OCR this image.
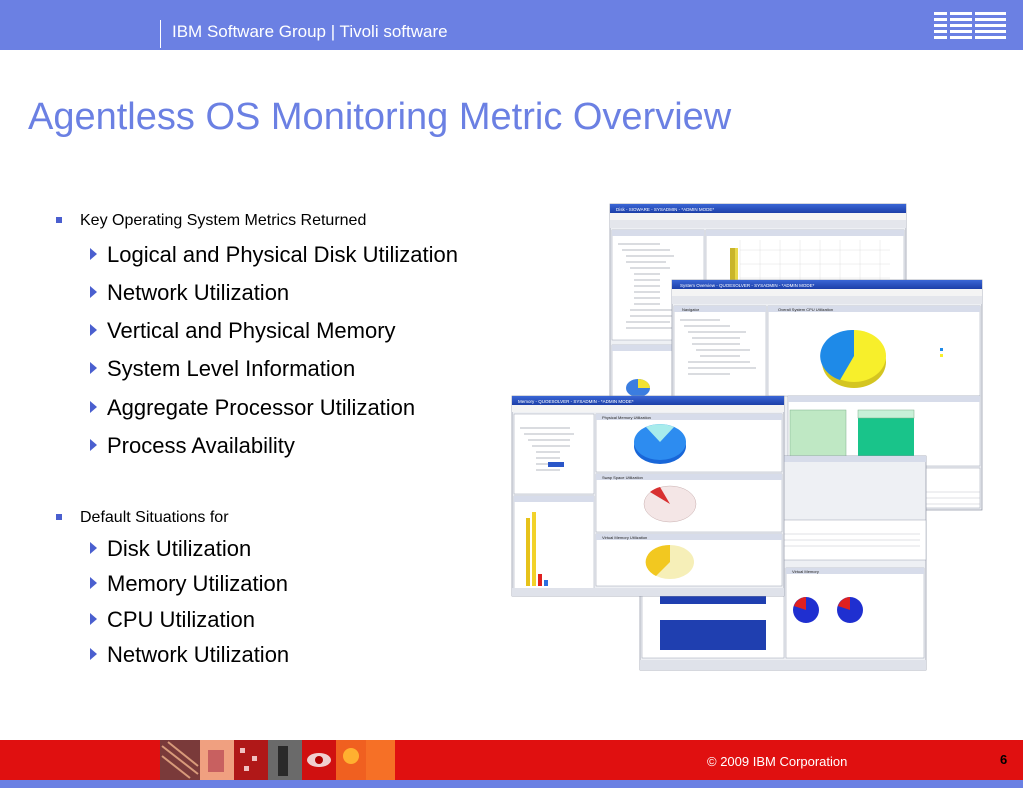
IBM Software Group | Tivoli software
Agentless OS Monitoring Metric Overview
Key Operating System Metrics Returned
Logical and Physical Disk Utilization
Network Utilization
Vertical and Physical Memory
System Level Information
Aggregate Processor Utilization
Process Availability
Default Situations for
Disk Utilization
Memory Utilization
CPU Utilization
Network Utilization
Disk - SIOWARE - SYSADMIN - *ADMIN MODE*
System Overview - QUOESOLVER - SYSADMIN - *ADMIN MODE*
Navigator	Overall System CPU Utilization
Virtual Memory
Memory - QUOESOLVER - SYSADMIN - *ADMIN MODE*
Physical Memory Utilization
Swap Space Utilization
Virtual Memory Utilization
© 2009 IBM Corporation	6
